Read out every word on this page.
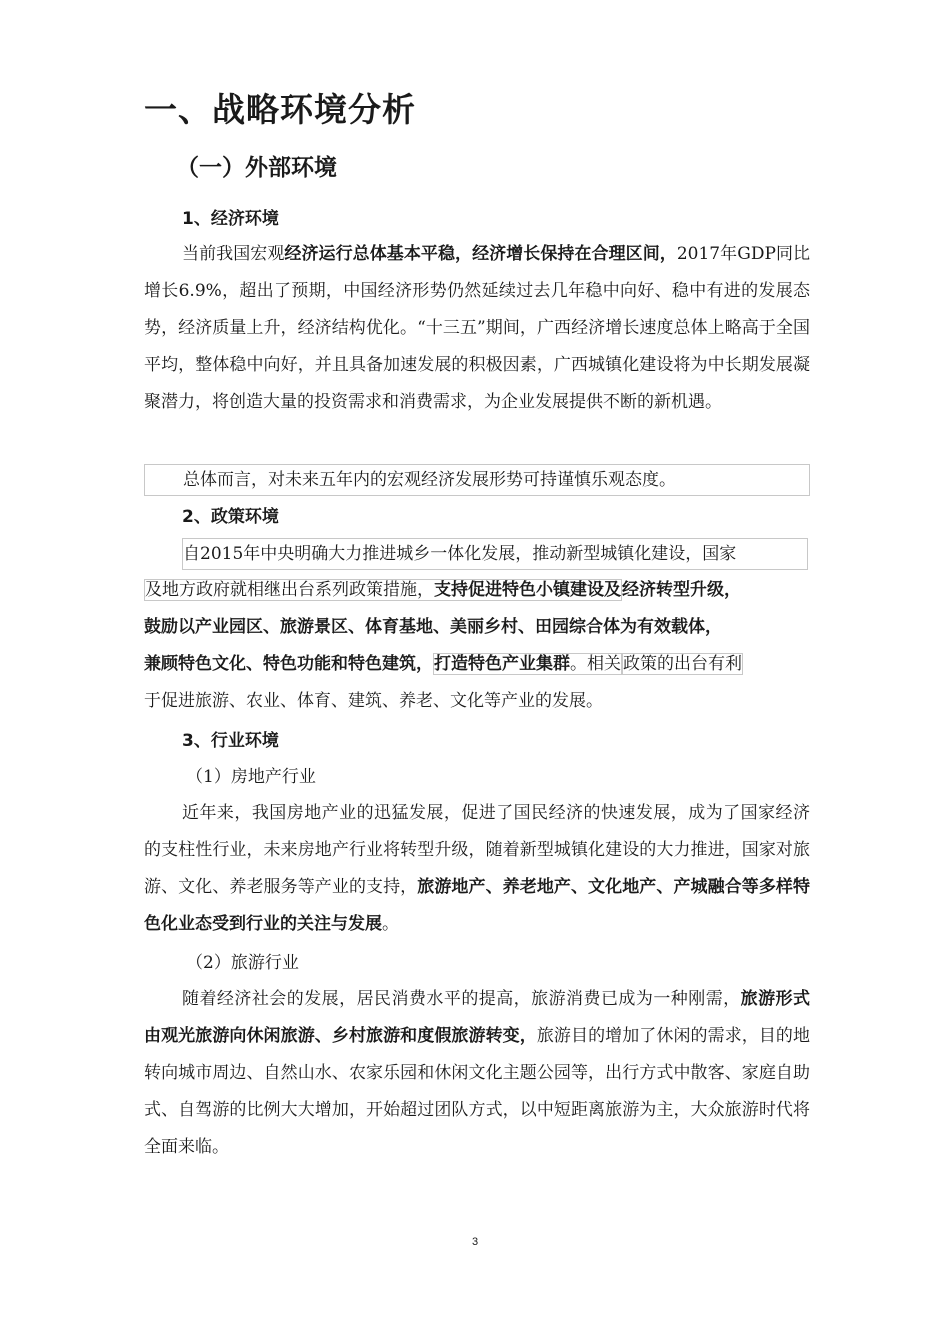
一、战略环境分析
（一）外部环境
1、经济环境
当前我国宏观经济运行总体基本平稳，经济增长保持在合理区间，2017年GDP同比增长6.9%，超出了预期，中国经济形势仍然延续过去几年稳中向好、稳中有进的发展态势，经济质量上升，经济结构优化。“十三五”期间，广西经济增长速度总体上略高于全国平均，整体稳中向好，并且具备加速发展的积极因素，广西城镇化建设将为中长期发展凝聚潜力，将创造大量的投资需求和消费需求，为企业发展提供不断的新机遇。
总体而言，对未来五年内的宏观经济发展形势可持谨慎乐观态度。
2、政策环境
自2015年中央明确大力推进城乡一体化发展，推动新型城镇化建设，国家
及地方政府就相继出台系列政策措施，支持促进特色小镇建设及经济转型升级，
鼓励以产业园区、旅游景区、体育基地、美丽乡村、田园综合体为有效载体，
兼顾特色文化、特色功能和特色建筑，打造特色产业集群。相关 政策的出台有利
于促进旅游、农业、体育、建筑、养老、文化等产业的发展。
3、行业环境
（1）房地产行业
近年来，我国房地产业的迅猛发展，促进了国民经济的快速发展，成为了国家经济的支柱性行业，未来房地产行业将转型升级，随着新型城镇化建设的大力推进，国家对旅游、文化、养老服务等产业的支持，旅游地产、养老地产、文化地产、产城融合等多样特色化业态受到行业的关注与发展。
（2）旅游行业
随着经济社会的发展，居民消费水平的提高，旅游消费已成为一种刚需，旅游形式由观光旅游向休闲旅游、乡村旅游和度假旅游转变，旅游目的增加了休闲的需求，目的地转向城市周边、自然山水、农家乐园和休闲文化主题公园等，出行方式中散客、家庭自助式、自驾游的比例大大增加，开始超过团队方式，以中短距离旅游为主，大众旅游时代将全面来临。
3
